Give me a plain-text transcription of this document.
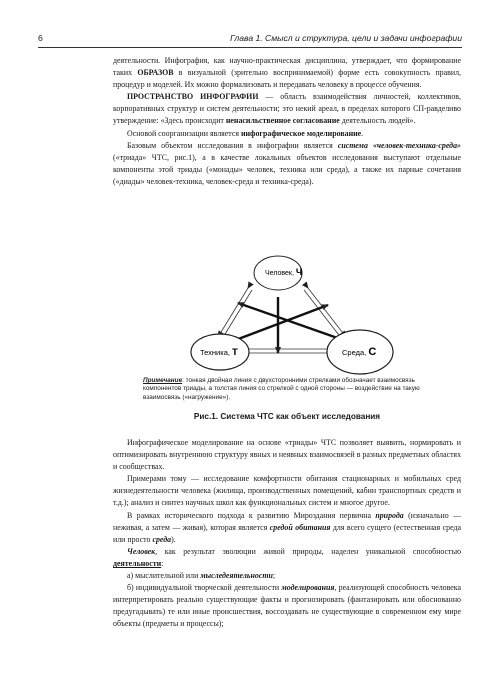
6	Глава 1. Смысл и структура, цели и задачи инфографии

деятельности. Инфография, как научно-практическая дисциплина, утверждает, что формирование таких ОБРАЗОВ в визуальной (зрительно воспринимаемой) форме есть совокупность правил, процедур и моделей. Их можно формализовать и передавать человеку в процессе обучения.

ПРОСТРАНСТВО ИНФОГРАФИИ — область взаимодействия личностей, коллективов, корпоративных структур и систем деятельности; это некий ареал, в пределах которого СП-равделиво утверждение: «Здесь происходит ненасильственное согласование деятельность людей».

Основой соорганизации является инфографическое моделирование.

Базовым объектом исследования в инфографии является система «человек-техника-среда» («триада» ЧТС, рис.1), а в качестве локальных объектов исследования выступают отдельные компоненты этой триады («монады» человек, техника или среда), а также их парные сочетания («диады» человек-техника, человек-среда и техника-среда).

Человек, Ч
Техника, Т	Среда, С
Примечание: тонкая двойная линия с двухсторонними стрелками обозначает взаимосвязь компонентов триады, а толстая линия со стрелкой с одной стороны — воздействие на такую взаимосвязь («нагружение»).
Рис.1. Система ЧТС как объект исследования

Инфографическое моделирование на основе «триады» ЧТС позволяет выявить, нормировать и оптимизировать внутреннюю структуру явных и неявных взаимосвязей в разных предметных областях и сообществах.

Примерами тому — исследование комфортности обитания стационарных и мобильных сред жизнедеятельности человека (жилища, производственных помещений, кабин транспортных средств и т.д.); анализ и синтез научных школ как функциональных систем и многое другое.

В рамках исторического подхода к развитию Мироздания первична природа (изначально — неживая, а затем — живая), которая является средой обитания для всего сущего (естественная среда или просто среда).

Человек, как результат эволюции живой природы, наделен уникальной способностью деятельности:

а) мыслительной или мыследеятельности;

б) индивидуальной творческой деятельности моделирования, реализующей способность человека интерпретировать реально существующие факты и прогнозировать (фантазировать или обоснованно предугадывать) те или иные происшествия, воссоздавать не существующие в современном ему мире объекты (предметы и процессы);
